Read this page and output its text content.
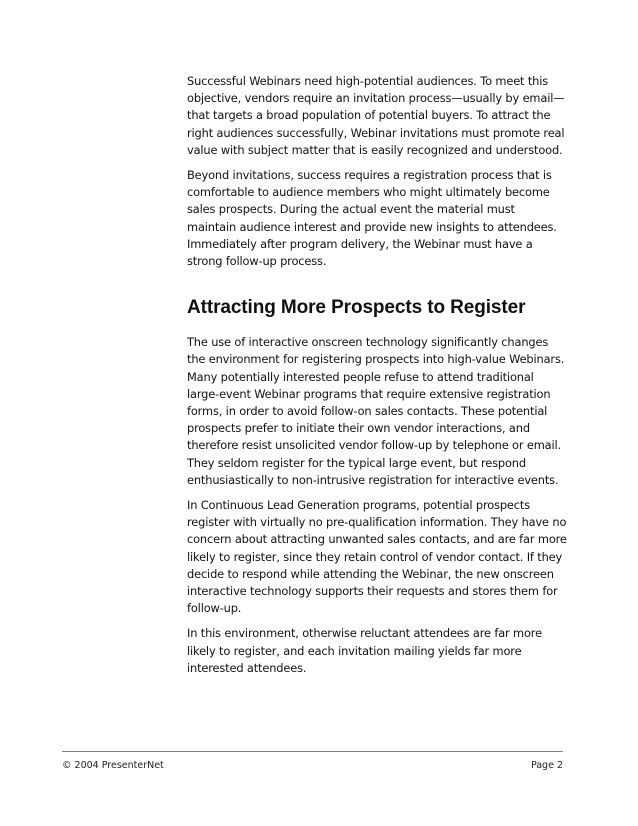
Successful Webinars need high-potential audiences. To meet this objective, vendors require an invitation process—usually by email—that targets a broad population of potential buyers. To attract the right audiences successfully, Webinar invitations must promote real value with subject matter that is easily recognized and understood.

Beyond invitations, success requires a registration process that is comfortable to audience members who might ultimately become sales prospects. During the actual event the material must maintain audience interest and provide new insights to attendees. Immediately after program delivery, the Webinar must have a strong follow-up process.

Attracting More Prospects to Register

The use of interactive onscreen technology significantly changes the environment for registering prospects into high-value Webinars. Many potentially interested people refuse to attend traditional large-event Webinar programs that require extensive registration forms, in order to avoid follow-on sales contacts. These potential prospects prefer to initiate their own vendor interactions, and therefore resist unsolicited vendor follow-up by telephone or email. They seldom register for the typical large event, but respond enthusiastically to non-intrusive registration for interactive events.

In Continuous Lead Generation programs, potential prospects register with virtually no pre-qualification information. They have no concern about attracting unwanted sales contacts, and are far more likely to register, since they retain control of vendor contact. If they decide to respond while attending the Webinar, the new onscreen interactive technology supports their requests and stores them for follow-up.

In this environment, otherwise reluctant attendees are far more likely to register, and each invitation mailing yields far more interested attendees.

© 2004 PresenterNet	Page 2
